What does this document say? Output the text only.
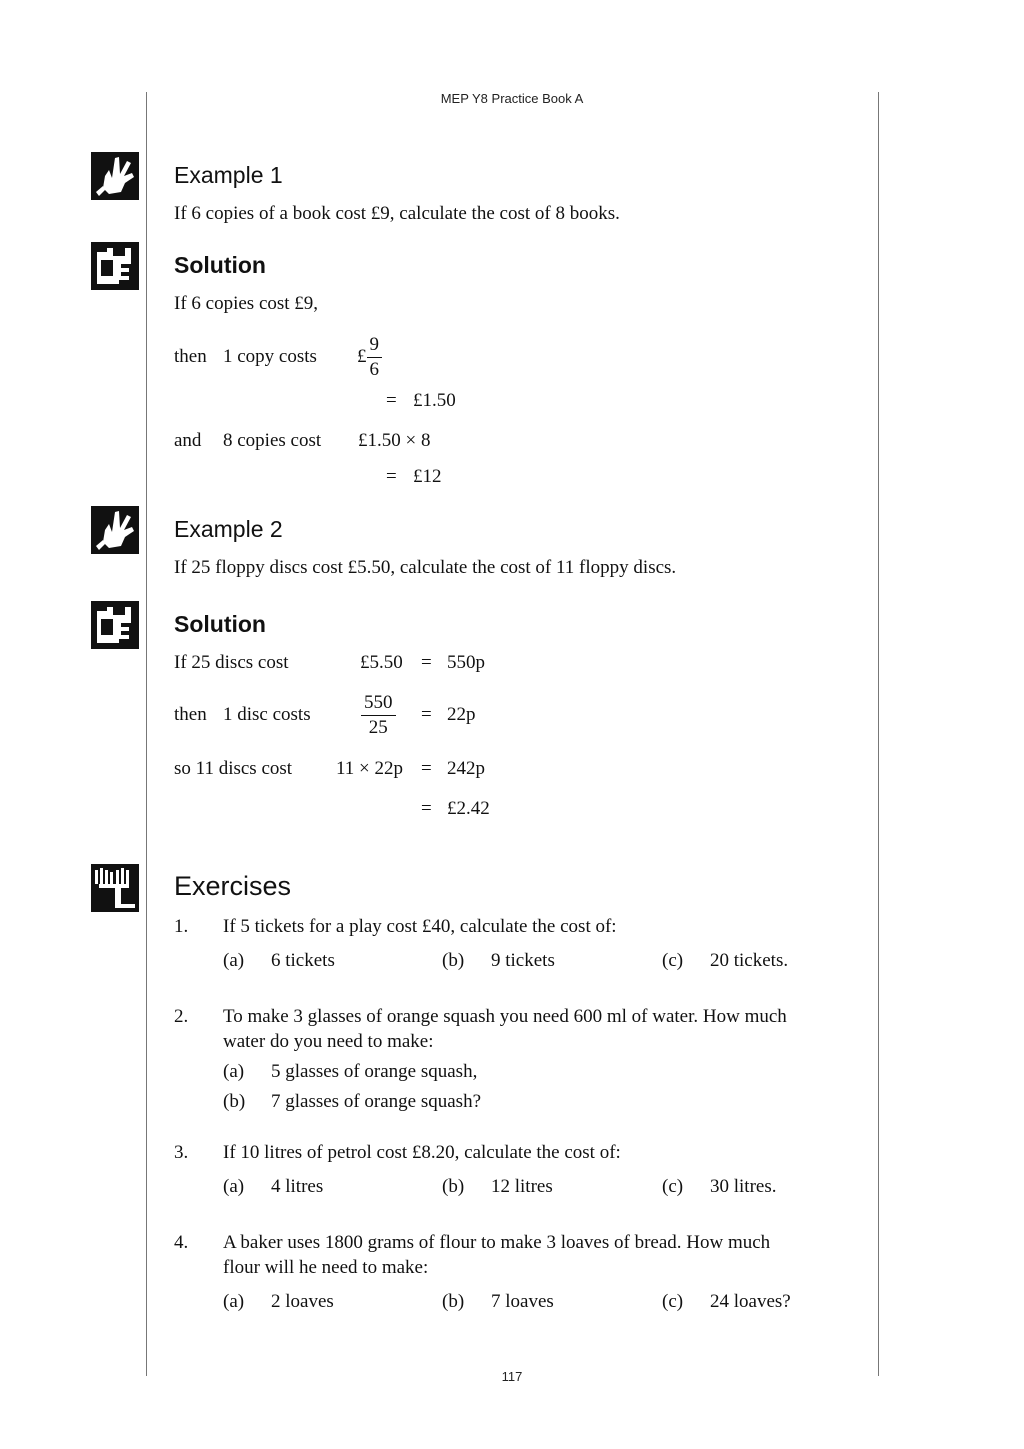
MEP Y8 Practice Book A
Example 1
If 6 copies of a book cost £9, calculate the cost of 8 books.
Solution
If 6 copies cost £9,
then 1 copy costs £ $\frac{9}{6}$
= £1.50
and 8 copies cost £1.50 × 8
= £12
Example 2
If 25 floppy discs cost £5.50, calculate the cost of 11 floppy discs.
Solution
If 25 discs cost	£5.50 = 550p
then 1 disc costs	$\frac{550}{25} = 22p$
so 11 discs cost 11 × 22p = 242p
= £2.42
Exercises
1. If 5 tickets for a play cost £40, calculate the cost of:
(a) 6 tickets	(b) 9 tickets	(c) 20 tickets.
2. To make 3 glasses of orange squash you need 600 ml of water. How much
water do you need to make:
(a) 5 glasses of orange squash,
(b) 7 glasses of orange squash?
3. If 10 litres of petrol cost £8.20, calculate the cost of:
(a) 4 litres	(b) 12 litres	(c) 30 litres.
4. A baker uses 1800 grams of flour to make 3 loaves of bread. How much
flour will he need to make:
(a) 2 loaves	(b) 7 loaves	(c) 24 loaves?
117
